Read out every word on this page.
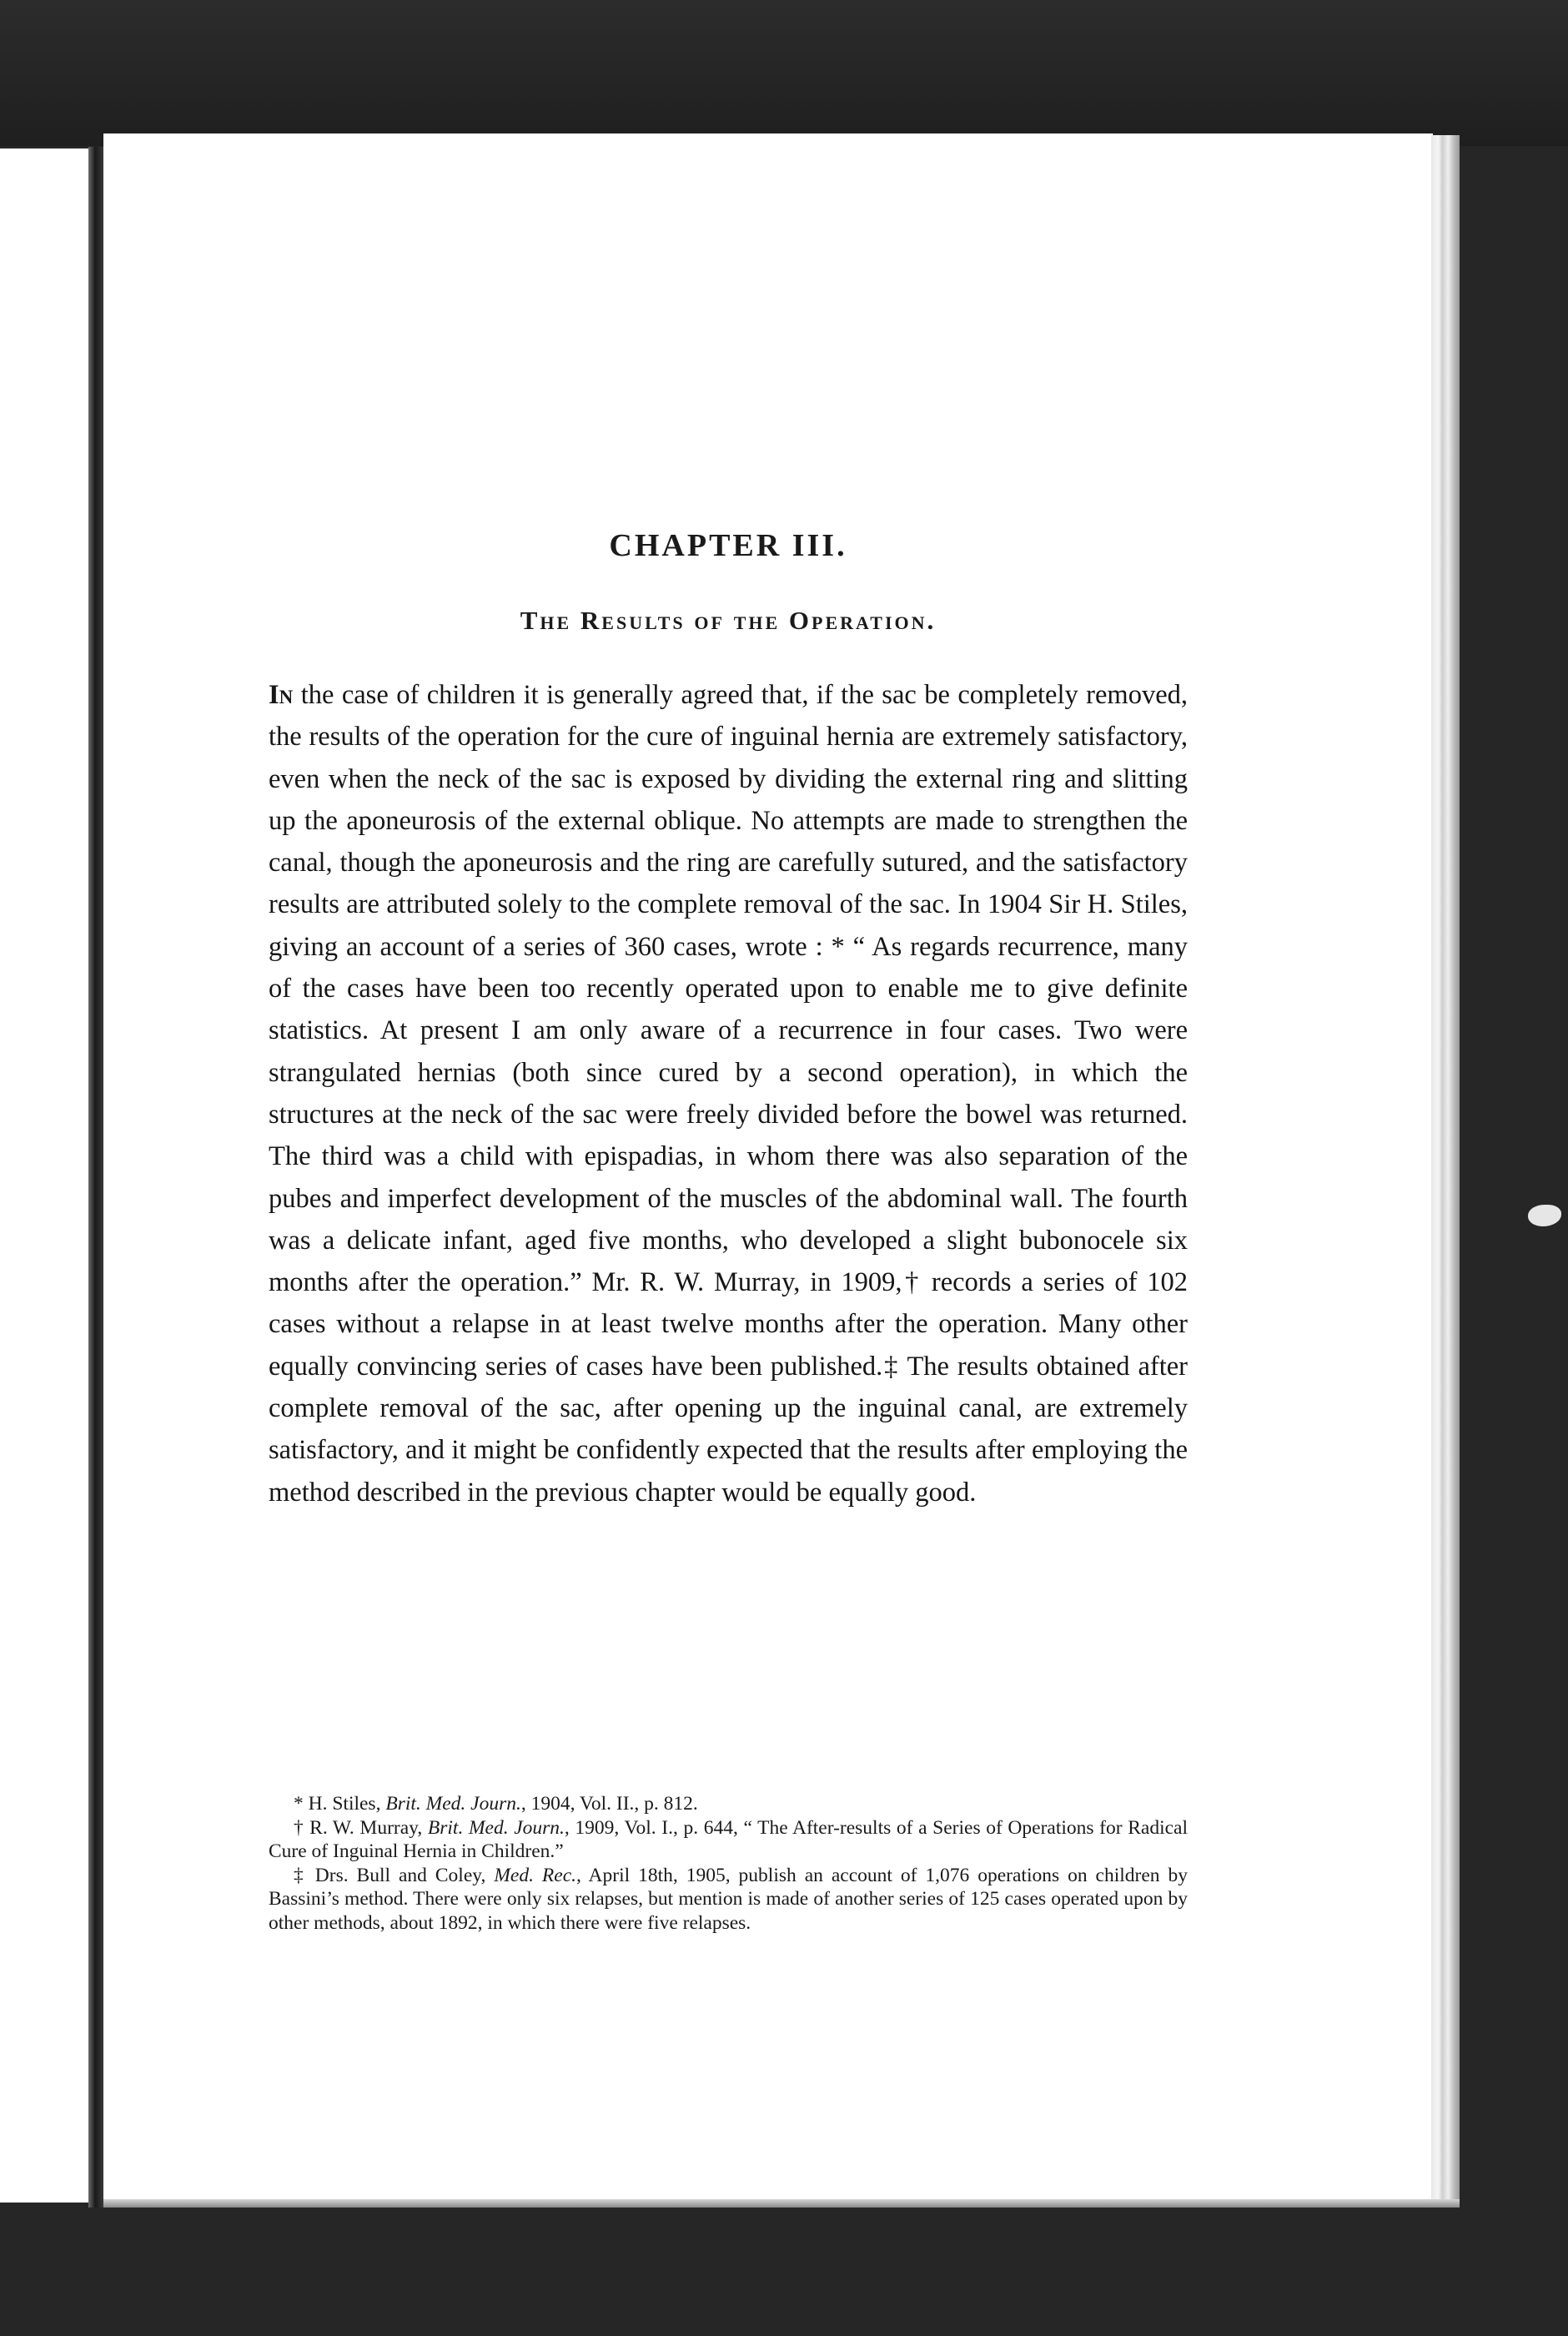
CHAPTER III.
The Results of the Operation.

In the case of children it is generally agreed that, if the sac be completely removed, the results of the operation for the cure of inguinal hernia are extremely satisfactory, even when the neck of the sac is exposed by dividing the external ring and slitting up the aponeurosis of the external oblique. No attempts are made to strengthen the canal, though the aponeurosis and the ring are carefully sutured, and the satisfactory results are attributed solely to the complete removal of the sac. In 1904 Sir H. Stiles, giving an account of a series of 360 cases, wrote : * “ As regards recurrence, many of the cases have been too recently operated upon to enable me to give definite statistics. At present I am only aware of a recurrence in four cases. Two were strangulated hernias (both since cured by a second operation), in which the structures at the neck of the sac were freely divided before the bowel was returned. The third was a child with epispadias, in whom there was also separation of the pubes and imperfect development of the muscles of the abdominal wall. The fourth was a delicate infant, aged five months, who developed a slight bubonocele six months after the operation.” Mr. R. W. Murray, in 1909,† records a series of 102 cases without a relapse in at least twelve months after the operation. Many other equally convincing series of cases have been published.‡ The results obtained after complete removal of the sac, after opening up the inguinal canal, are extremely satisfactory, and it might be confidently expected that the results after employing the method described in the previous chapter would be equally good.

* H. Stiles, Brit. Med. Journ., 1904, Vol. II., p. 812.

† R. W. Murray, Brit. Med. Journ., 1909, Vol. I., p. 644, “ The After-results of a Series of Operations for Radical Cure of Inguinal Hernia in Children.”

‡ Drs. Bull and Coley, Med. Rec., April 18th, 1905, publish an account of 1,076 operations on children by Bassini’s method. There were only six relapses, but mention is made of another series of 125 cases operated upon by other methods, about 1892, in which there were five relapses.
